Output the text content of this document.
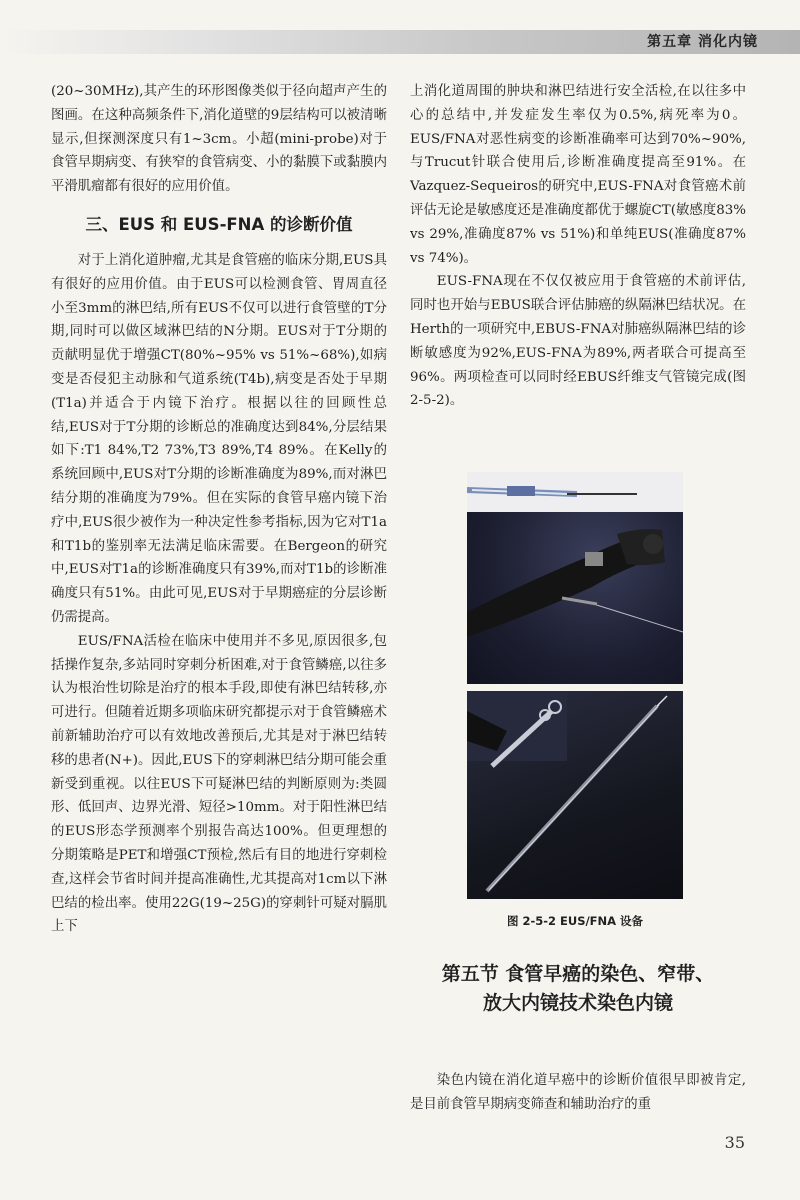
第五章 消化内镜

(20~30MHz),其产生的环形图像类似于径向超声产生的图画。在这种高频条件下,消化道壁的9层结构可以被清晰显示,但探测深度只有1~3cm。小超(mini-probe)对于食管早期病变、有狭窄的食管病变、小的黏膜下或黏膜内平滑肌瘤都有很好的应用价值。

三、EUS 和 EUS-FNA 的诊断价值

对于上消化道肿瘤,尤其是食管癌的临床分期,EUS具有很好的应用价值。由于EUS可以检测食管、胃周直径小至3mm的淋巴结,所有EUS不仅可以进行食管壁的T分期,同时可以做区域淋巴结的N分期。EUS对于T分期的贡献明显优于增强CT(80%~95% vs 51%~68%),如病变是否侵犯主动脉和气道系统(T4b),病变是否处于早期(T1a)并适合于内镜下治疗。根据以往的回顾性总结,EUS对于T分期的诊断总的准确度达到84%,分层结果如下:T1 84%,T2 73%,T3 89%,T4 89%。在Kelly的系统回顾中,EUS对T分期的诊断准确度为89%,而对淋巴结分期的准确度为79%。但在实际的食管早癌内镜下治疗中,EUS很少被作为一种决定性参考指标,因为它对T1a和T1b的鉴别率无法满足临床需要。在Bergeon的研究中,EUS对T1a的诊断准确度只有39%,而对T1b的诊断准确度只有51%。由此可见,EUS对于早期癌症的分层诊断仍需提高。

EUS/FNA活检在临床中使用并不多见,原因很多,包括操作复杂,多站同时穿刺分析困难,对于食管鳞癌,以往多认为根治性切除是治疗的根本手段,即使有淋巴结转移,亦可进行。但随着近期多项临床研究都提示对于食管鳞癌术前新辅助治疗可以有效地改善预后,尤其是对于淋巴结转移的患者(N+)。因此,EUS下的穿刺淋巴结分期可能会重新受到重视。以往EUS下可疑淋巴结的判断原则为:类圆形、低回声、边界光滑、短径>10mm。对于阳性淋巴结的EUS形态学预测率个别报告高达100%。但更理想的分期策略是PET和增强CT预检,然后有目的地进行穿刺检查,这样会节省时间并提高准确性,尤其提高对1cm以下淋巴结的检出率。使用22G(19~25G)的穿刺针可疑对膈肌上下

上消化道周围的肿块和淋巴结进行安全活检,在以往多中心的总结中,并发症发生率仅为0.5%,病死率为0。EUS/FNA对恶性病变的诊断准确率可达到70%~90%,与Trucut针联合使用后,诊断准确度提高至91%。在Vazquez-Sequeiros的研究中,EUS-FNA对食管癌术前评估无论是敏感度还是准确度都优于螺旋CT(敏感度83% vs 29%,准确度87% vs 51%)和单纯EUS(准确度87% vs 74%)。

EUS-FNA现在不仅仅被应用于食管癌的术前评估,同时也开始与EBUS联合评估肺癌的纵隔淋巴结状况。在Herth的一项研究中,EBUS-FNA对肺癌纵隔淋巴结的诊断敏感度为92%,EUS-FNA为89%,两者联合可提高至96%。两项检查可以同时经EBUS纤维支气管镜完成(图2-5-2)。

图 2-5-2 EUS/FNA 设备
第五节 食管早癌的染色、窄带、
放大内镜技术染色内镜

染色内镜在消化道早癌中的诊断价值很早即被肯定,是目前食管早期病变筛查和辅助治疗的重

35
